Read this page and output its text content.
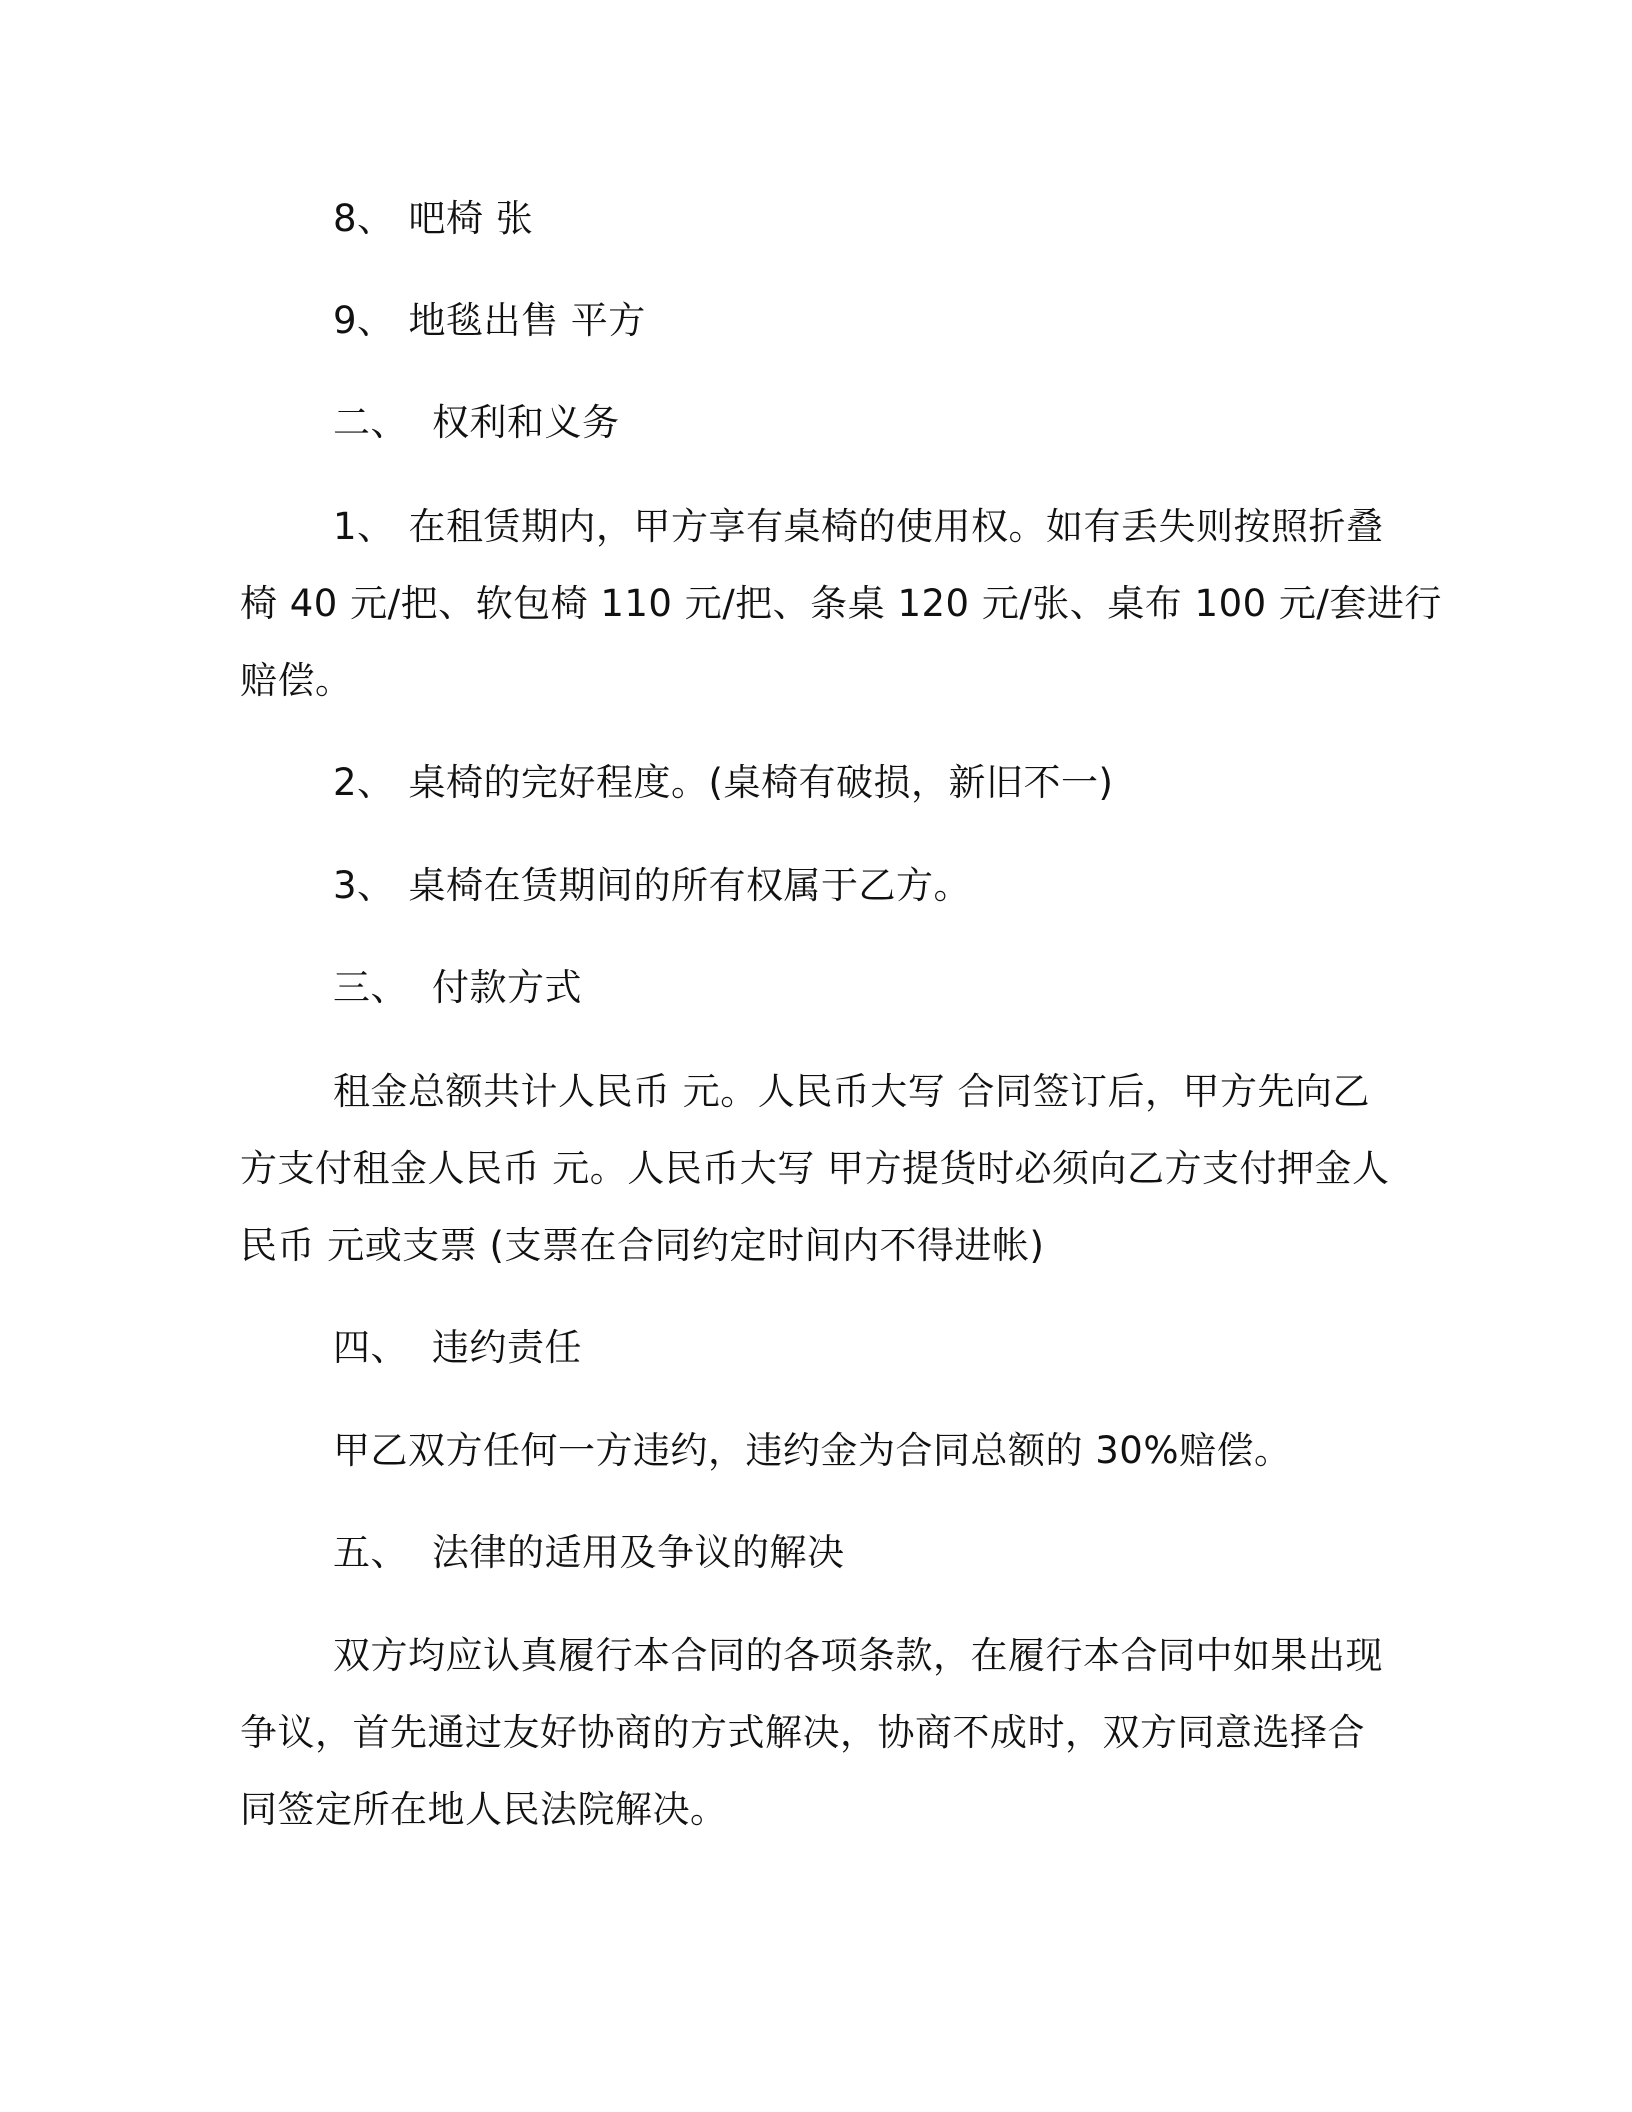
8、 吧椅 张
9、 地毯出售 平方
二、 权利和义务
1、 在租赁期内，甲方享有桌椅的使用权。如有丢失则按照折叠
椅 40 元/把、软包椅 110 元/把、条桌 120 元/张、桌布 100 元/套进行
赔偿。
2、 桌椅的完好程度。(桌椅有破损，新旧不一)
3、 桌椅在赁期间的所有权属于乙方。
三、 付款方式
租金总额共计人民币 元。人民币大写 合同签订后，甲方先向乙
方支付租金人民币 元。人民币大写 甲方提货时必须向乙方支付押金人
民币 元或支票 (支票在合同约定时间内不得进帐)
四、 违约责任
甲乙双方任何一方违约，违约金为合同总额的 30%赔偿。
五、 法律的适用及争议的解决
双方均应认真履行本合同的各项条款，在履行本合同中如果出现
争议，首先通过友好协商的方式解决，协商不成时，双方同意选择合
同签定所在地人民法院解决。
